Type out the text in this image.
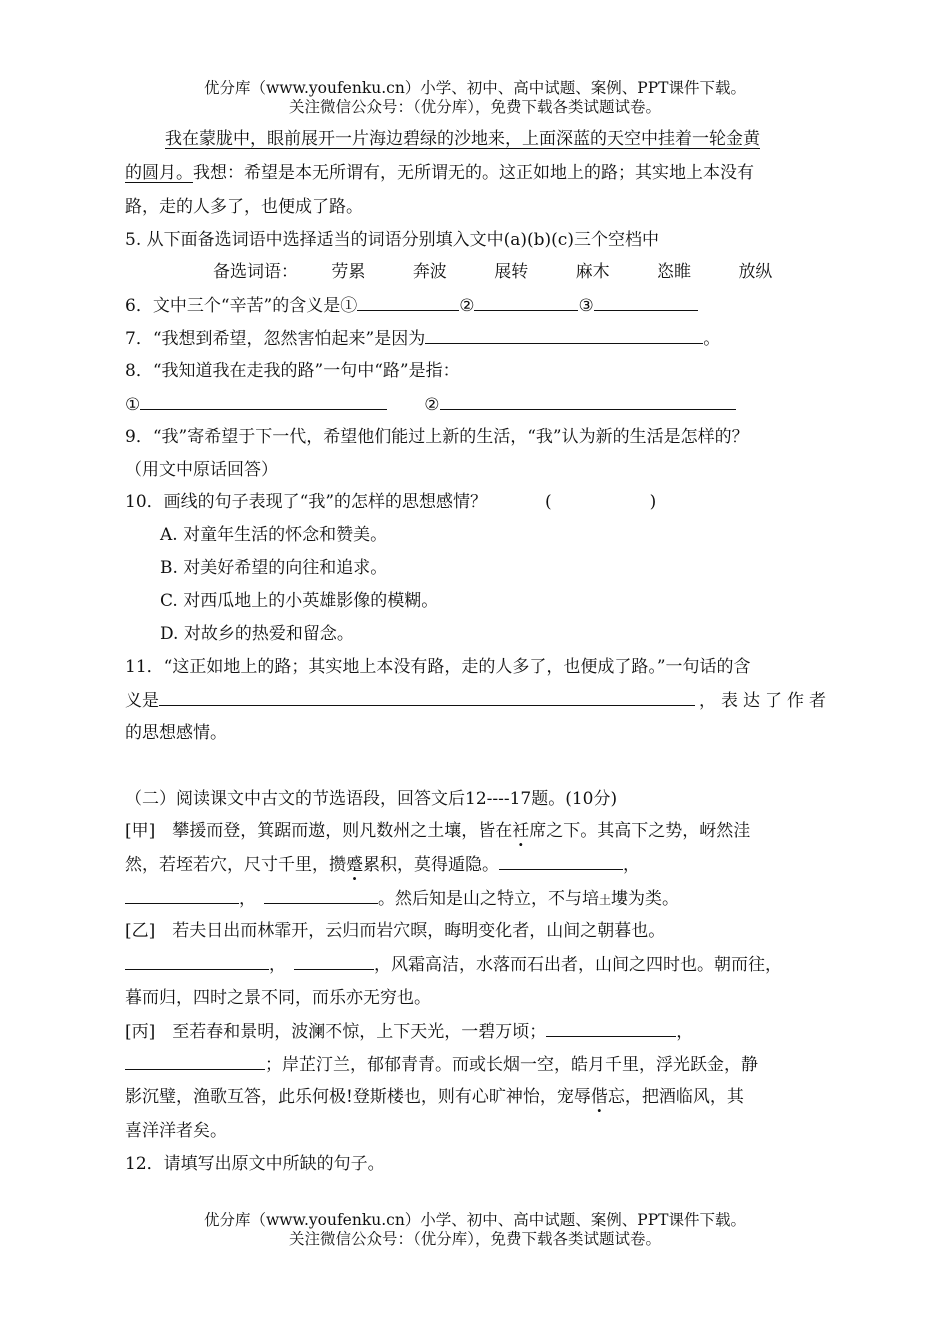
优分库（www.youfenku.cn）小学、初中、高中试题、案例、PPT课件下载。
关注微信公众号：（优分库），免费下载各类试题试卷。
我在蒙胧中，眼前展开一片海边碧绿的沙地来，上面深蓝的天空中挂着一轮金黄
的圆月。我想：希望是本无所谓有，无所谓无的。这正如地上的路；其实地上本没有
路，走的人多了，也便成了路。
5. 从下面备选词语中选择适当的词语分别填入文中(a)(b)(c)三个空档中
备选词语： 劳累	奔波	展转	麻木	恣睢	放纵
6．文中三个“辛苦”的含义是①	②	③
7．“我想到希望，忽然害怕起来”是因为	。
8．“我知道我在走我的路”一句中“路”是指：
①	②
9．“我”寄希望于下一代，希望他们能过上新的生活，“我”认为新的生活是怎样的？
（用文中原话回答）
10．画线的句子表现了“我”的怎样的思想感情？	(	)
A. 对童年生活的怀念和赞美。
B. 对美好希望的向往和追求。
C. 对西瓜地上的小英雄影像的模糊。
D. 对故乡的热爱和留念。
11．“这正如地上的路；其实地上本没有路，走的人多了，也便成了路。”一句话的含
义是	，表达了作者
的思想感情。
（二）阅读课文中古文的节选语段，回答文后12----17题。(10分)
[甲]　攀援而登，箕踞而遨，则凡数州之土壤，皆在衽席之下。其高下之势，岈然洼
然，若垤若穴，尺寸千里，攒蹙累积，莫得遁隐。	，
，	。然后知是山之特立，不与培土塿为类。
[乙]　若夫日出而林霏开，云归而岩穴暝，晦明变化者，山间之朝暮也。
，	，风霜高洁，水落而石出者，山间之四时也。朝而往，
暮而归，四时之景不同，而乐亦无穷也。
[丙]　至若春和景明，波澜不惊，上下天光，一碧万顷；	，
；岸芷汀兰，郁郁青青。而或长烟一空，皓月千里，浮光跃金，静
影沉璧，渔歌互答，此乐何极!登斯楼也，则有心旷神怡，宠辱偕忘，把酒临风，其
喜洋洋者矣。
12．请填写出原文中所缺的句子。
优分库（www.youfenku.cn）小学、初中、高中试题、案例、PPT课件下载。
关注微信公众号：（优分库），免费下载各类试题试卷。
